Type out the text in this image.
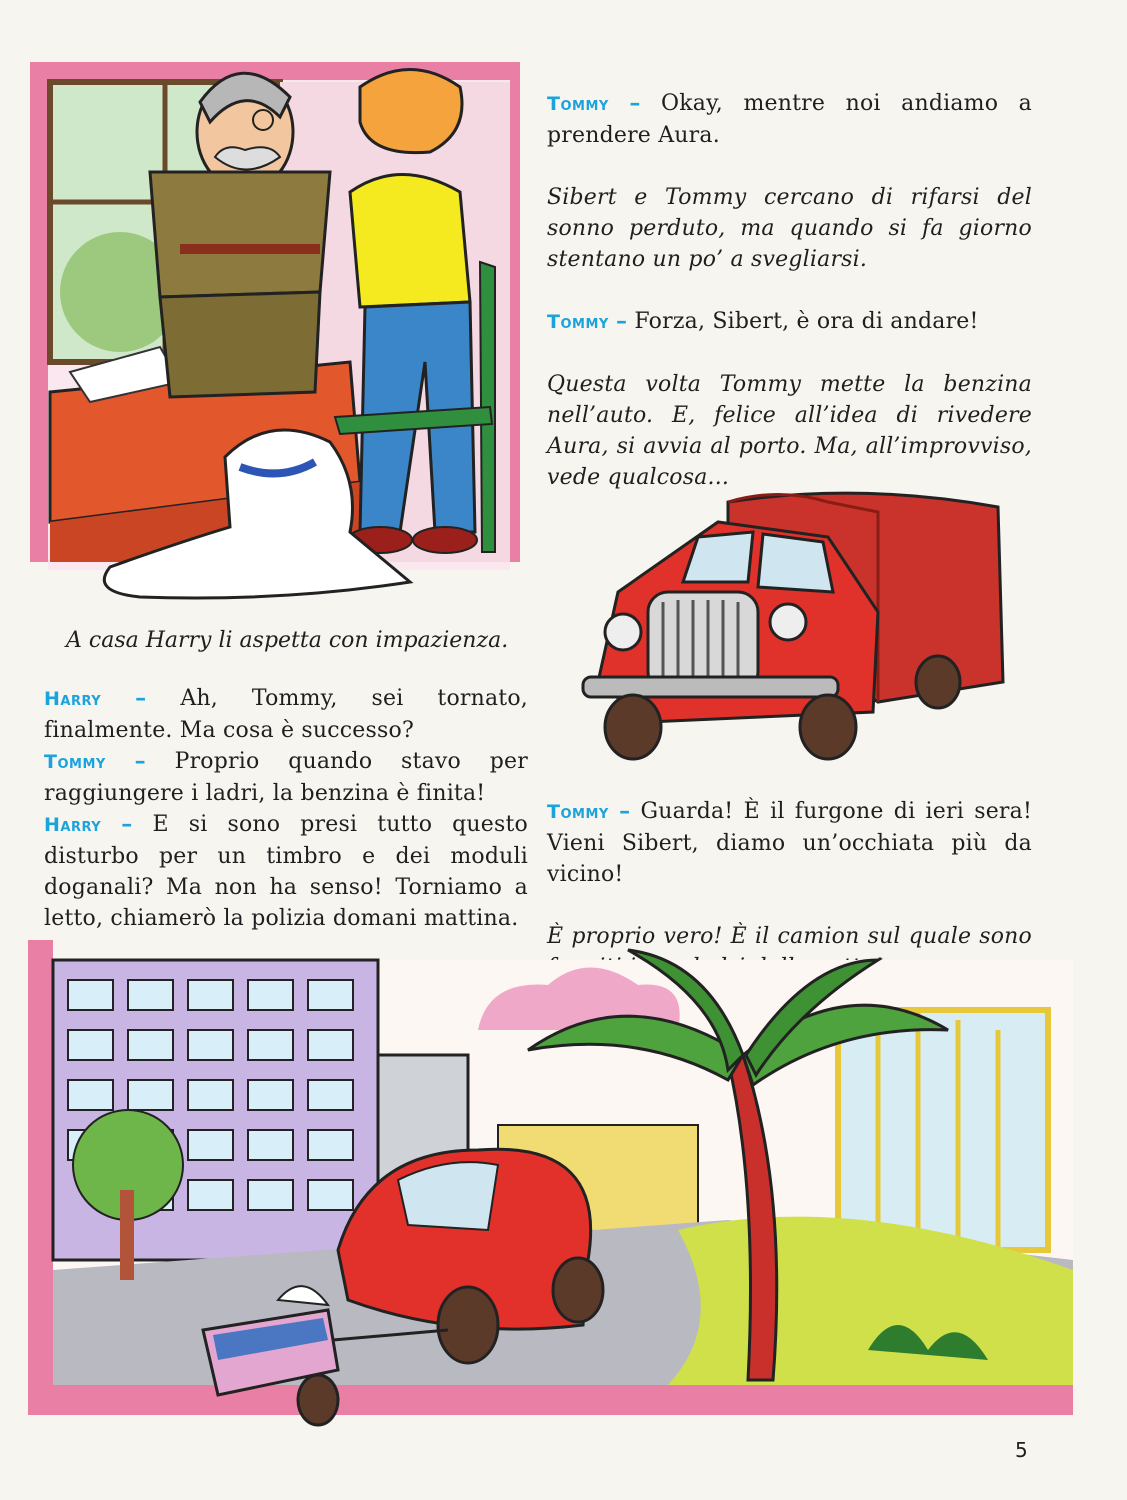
Tommy – Okay, mentre noi andiamo a prendere Aura.

Sibert e Tommy cercano di rifarsi del sonno perduto, ma quando si fa giorno stentano un po’ a svegliarsi.

Tommy – Forza, Sibert, è ora di andare!

Questa volta Tommy mette la benzina nell’auto. E, felice all’idea di rivedere Aura, si avvia al porto. Ma, all’improvviso, vede qualcosa...

A casa Harry li aspetta con impazienza.

Harry – Ah, Tommy, sei tornato, finalmente. Ma cosa è successo?

Tommy – Proprio quando stavo per raggiungere i ladri, la benzina è finita!

Harry – E si sono presi tutto questo disturbo per un timbro e dei moduli doganali? Ma non ha senso! Torniamo a letto, chiamerò la polizia domani mattina.

Tommy – Guarda! È il furgone di ieri sera! Vieni Sibert, diamo un’occhiata più da vicino!

È proprio vero! È il camion sul quale sono

5
